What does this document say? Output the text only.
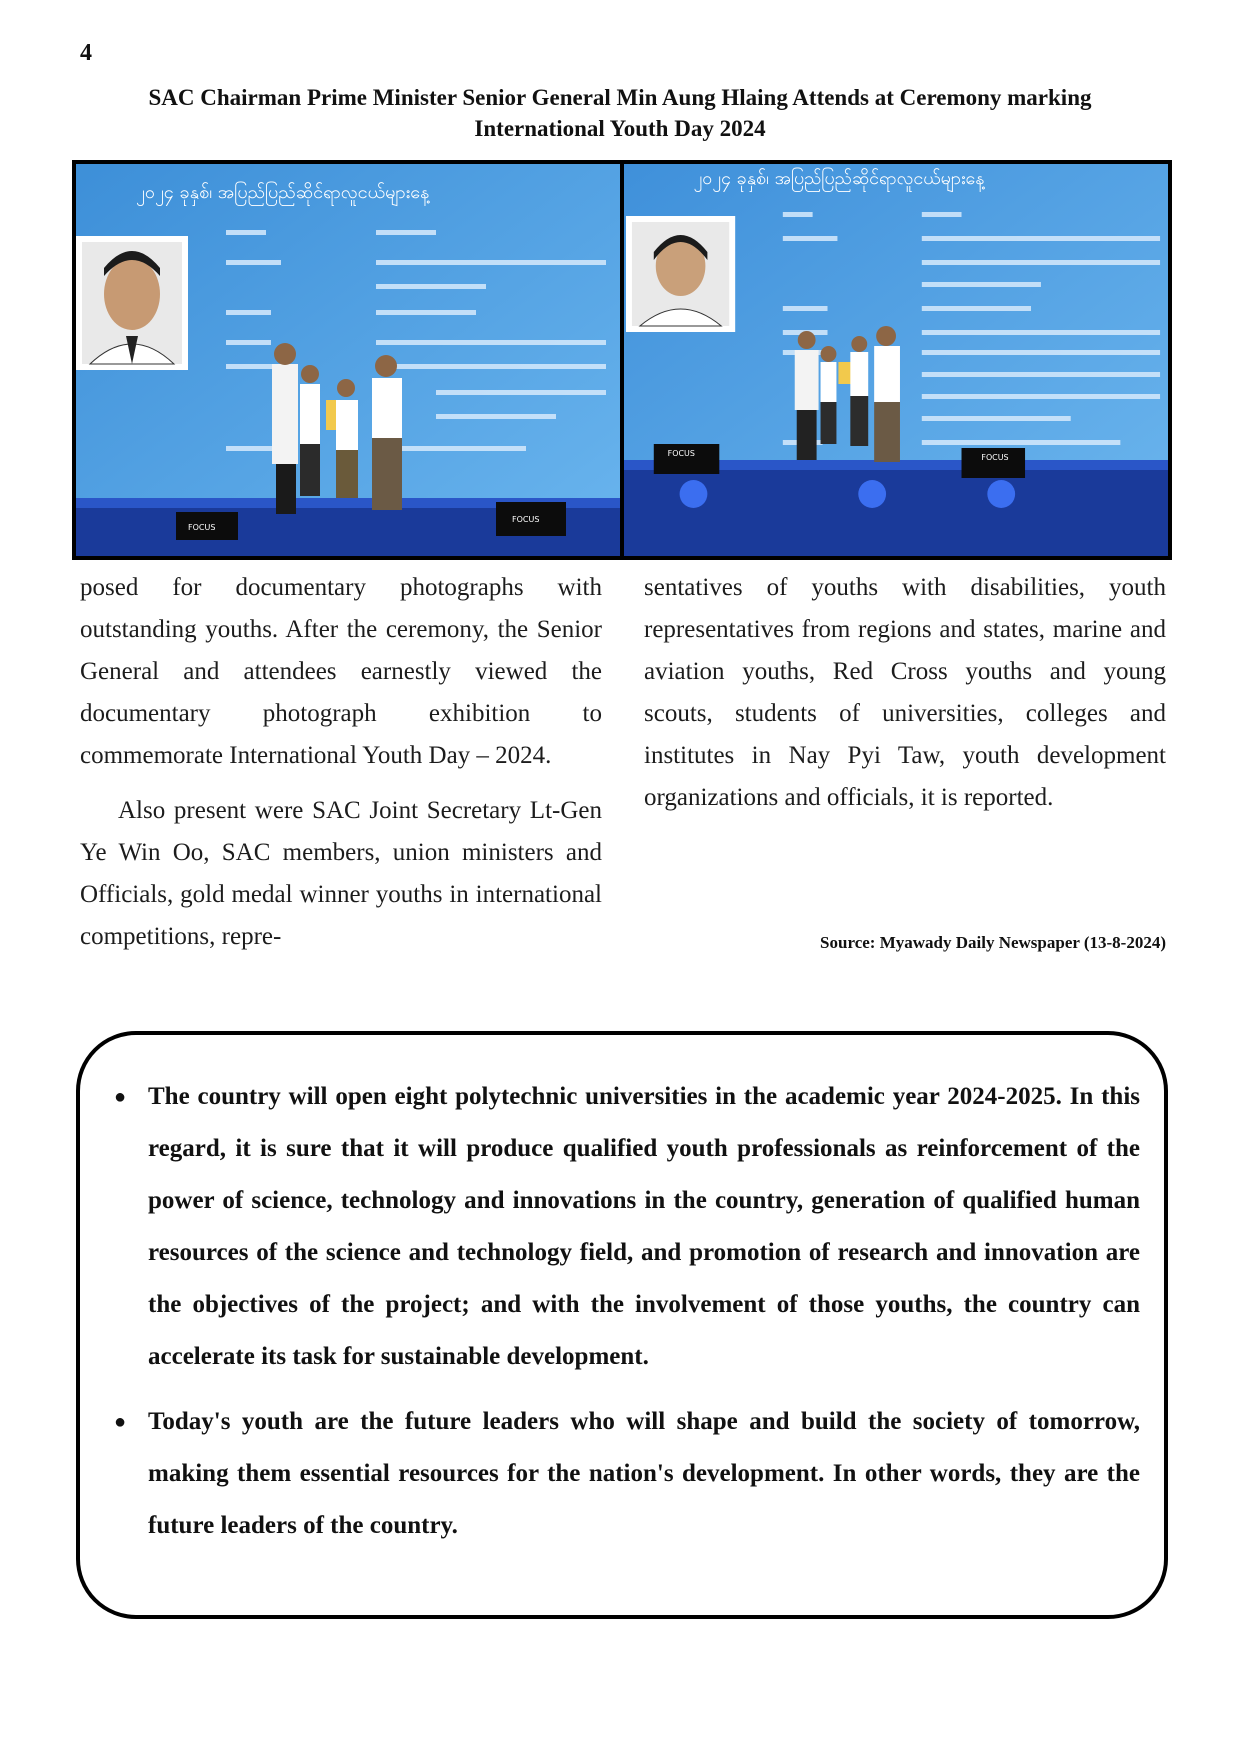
4
SAC Chairman Prime Minister Senior General Min Aung Hlaing Attends at Ceremony marking International Youth Day 2024
၂၀၂၄ ခုနှစ်၊ အပြည်ပြည်ဆိုင်ရာလူငယ်များနေ့
FOCUS
FOCUS
၂၀၂၄ ခုနှစ်၊ အပြည်ပြည်ဆိုင်ရာလူငယ်များနေ့
FOCUS	FOCUS

posed for documentary photographs with outstanding youths. After the ceremony, the Senior General and attendees earnestly viewed the documentary photograph exhibition to commemorate International Youth Day – 2024.

Also present were SAC Joint Secretary Lt-Gen Ye Win Oo, SAC members, union ministers and Officials, gold medal winner youths in international competitions, repre-

sentatives of youths with disabilities, youth representatives from regions and states, marine and aviation youths, Red Cross youths and young scouts, students of universities, colleges and institutes in Nay Pyi Taw, youth development organizations and officials, it is reported.

Source: Myawady Daily Newspaper (13-8-2024)
● The country will open eight polytechnic universities in the academic year 2024-2025. In this regard, it is sure that it will produce qualified youth professionals as reinforcement of the power of science, technology and innovations in the country, generation of qualified human resources of the science and technology field, and promotion of research and innovation are the objectives of the project; and with the involvement of those youths, the country can accelerate its task for sustainable development.
● Today's youth are the future leaders who will shape and build the society of tomorrow, making them essential resources for the nation's development. In other words, they are the future leaders of the country.
